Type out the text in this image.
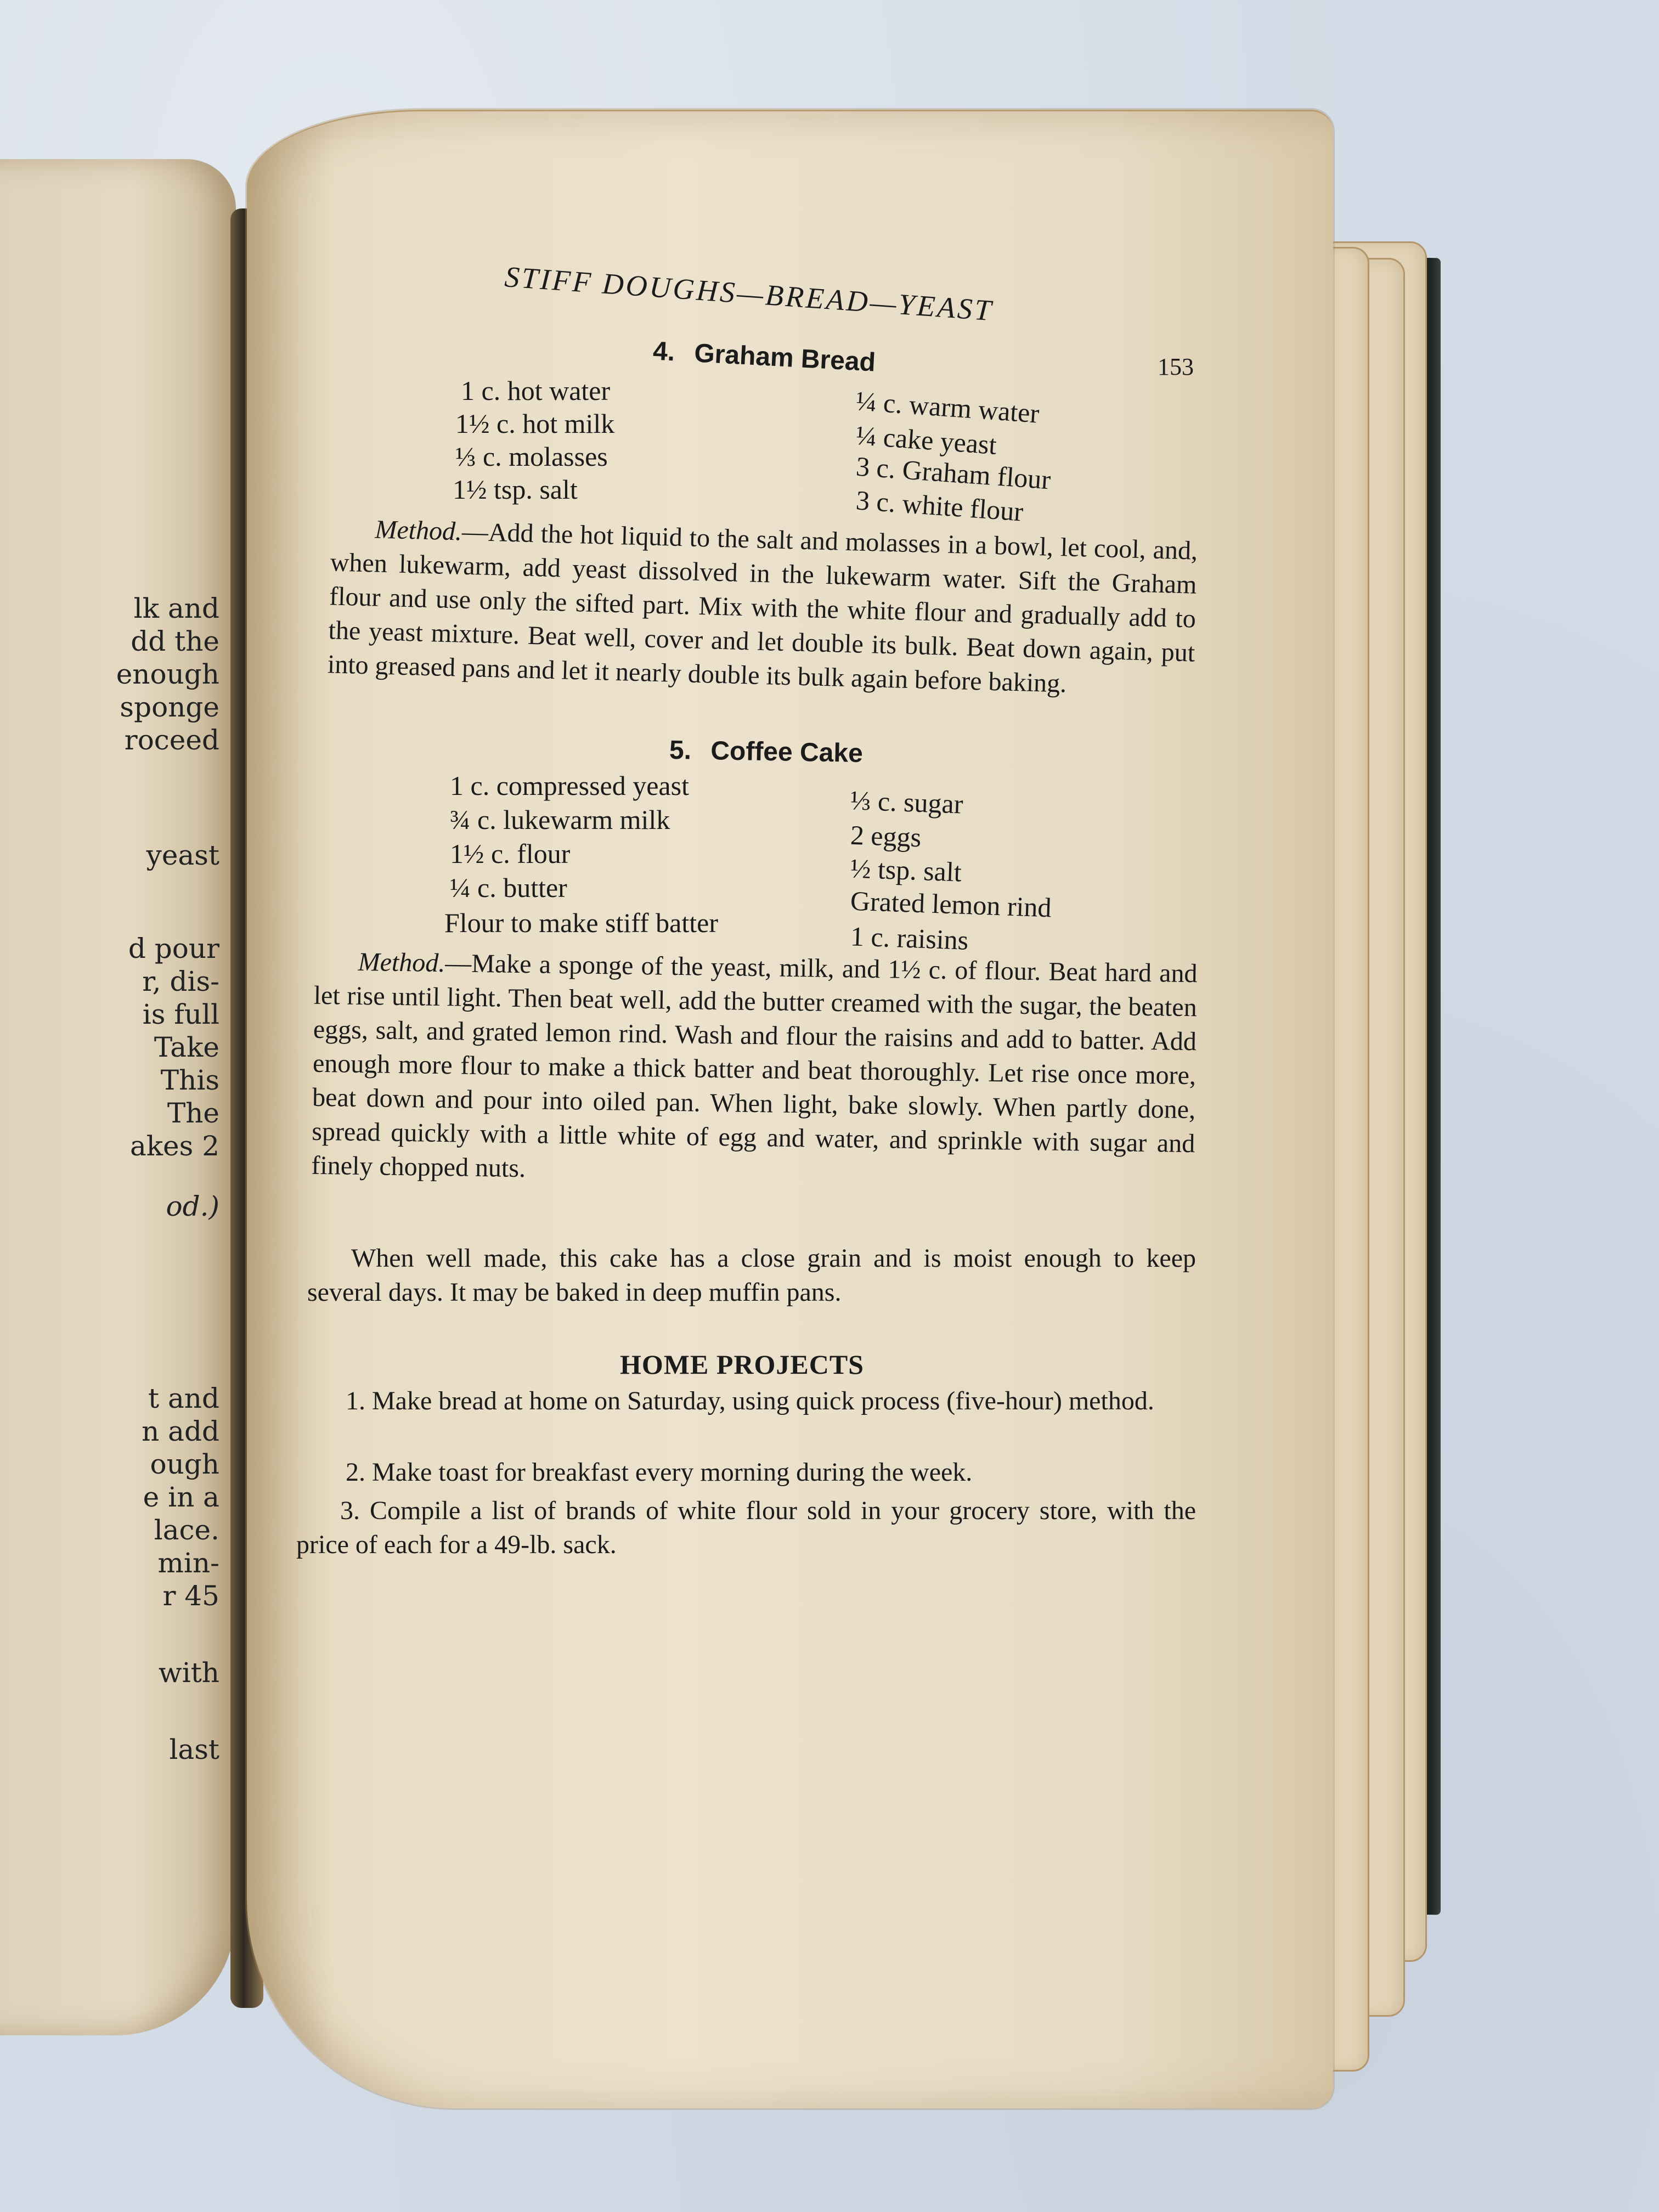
lk and
dd the
enough
sponge
roceed
yeast
d pour
r, dis-
is full
Take
This
The
akes 2
od.)
t and
n add
ough
e in a
lace.
min-
r 45
with
last
STIFF DOUGHS—BREAD—YEAST
153
4. Graham Bread
1 c. hot water
1½ c. hot milk
⅓ c. molasses
1½ tsp. salt
¼ c. warm water
¼ cake yeast
3 c. Graham flour
3 c. white flour
Method.—Add the hot liquid to the salt and molasses in a bowl, let cool, and, when lukewarm, add yeast dissolved in the lukewarm water. Sift the Graham flour and use only the sifted part. Mix with the white flour and gradually add to the yeast mixture. Beat well, cover and let double its bulk. Beat down again, put into greased pans and let it nearly double its bulk again before baking.
5. Coffee Cake
1 c. compressed yeast
¾ c. lukewarm milk
1½ c. flour
¼ c. butter
Flour to make stiff batter
⅓ c. sugar
2 eggs
½ tsp. salt
Grated lemon rind
1 c. raisins
Method.—Make a sponge of the yeast, milk, and 1½ c. of flour. Beat hard and let rise until light. Then beat well, add the butter creamed with the sugar, the beaten eggs, salt, and grated lemon rind. Wash and flour the raisins and add to batter. Add enough more flour to make a thick batter and beat thoroughly. Let rise once more, beat down and pour into oiled pan. When light, bake slowly. When partly done, spread quickly with a little white of egg and water, and sprinkle with sugar and finely chopped nuts.
When well made, this cake has a close grain and is moist enough to keep several days. It may be baked in deep muffin pans.
HOME PROJECTS
1. Make bread at home on Saturday, using quick process (five-hour) method.
2. Make toast for breakfast every morning during the week.
3. Compile a list of brands of white flour sold in your grocery store, with the price of each for a 49-lb. sack.
